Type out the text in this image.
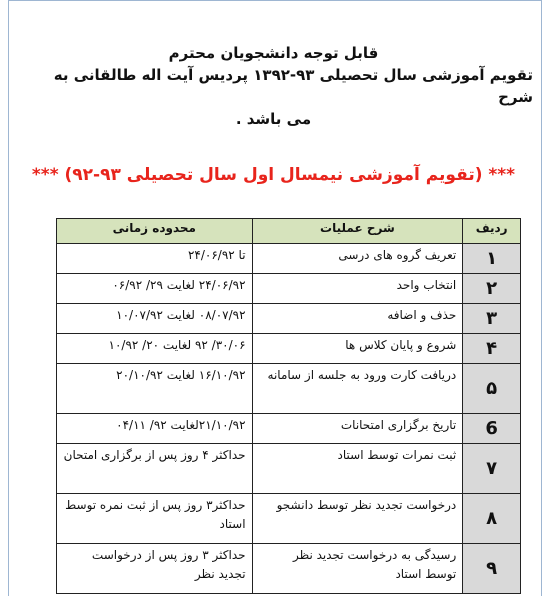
قابل توجه دانشجویان محترم
تقویم آموزشی سال تحصیلی ۹۳-۱۳۹۲ پردیس آیت اله طالقانی به شرح
می باشد .
*** (تقویم آموزشی نیمسال اول سال تحصیلی ۹۳-۹۲) ***
ردیف	شرح عملیات	محدوده زمانی
۱	تعریف گروه های درسی	تا ۲۴/۰۶/۹۲
۲	انتخاب واحد	۲۴/۰۶/۹۲ لغایت ۲۹/ ۰۶/۹۲
۳	حذف و اضافه	۰۸/۰۷/۹۲ لغایت ۱۰/۰۷/۹۲
۴	شروع و پایان کلاس ها	۳۰/۰۶/ ۹۲ لغایت ۲۰/ ۱۰/۹۲
۵	دریافت کارت ورود به جلسه از سامانه	۱۶/۱۰/۹۲ لغایت ۲۰/۱۰/۹۲
6	تاریخ برگزاری امتحانات	۲۱/۱۰/۹۲لغایت ۹۲/ ۰۴/۱۱
۷	ثبت نمرات توسط استاد	حداکثر ۴ روز پس از برگزاری امتحان
۸	درخواست تجدید نظر توسط دانشجو	حداکثر۳ روز پس از ثبت نمره توسط استاد
۹	رسیدگی به درخواست تجدید نظر توسط استاد	حداکثر ۳ روز پس از درخواست تجدید نظر
